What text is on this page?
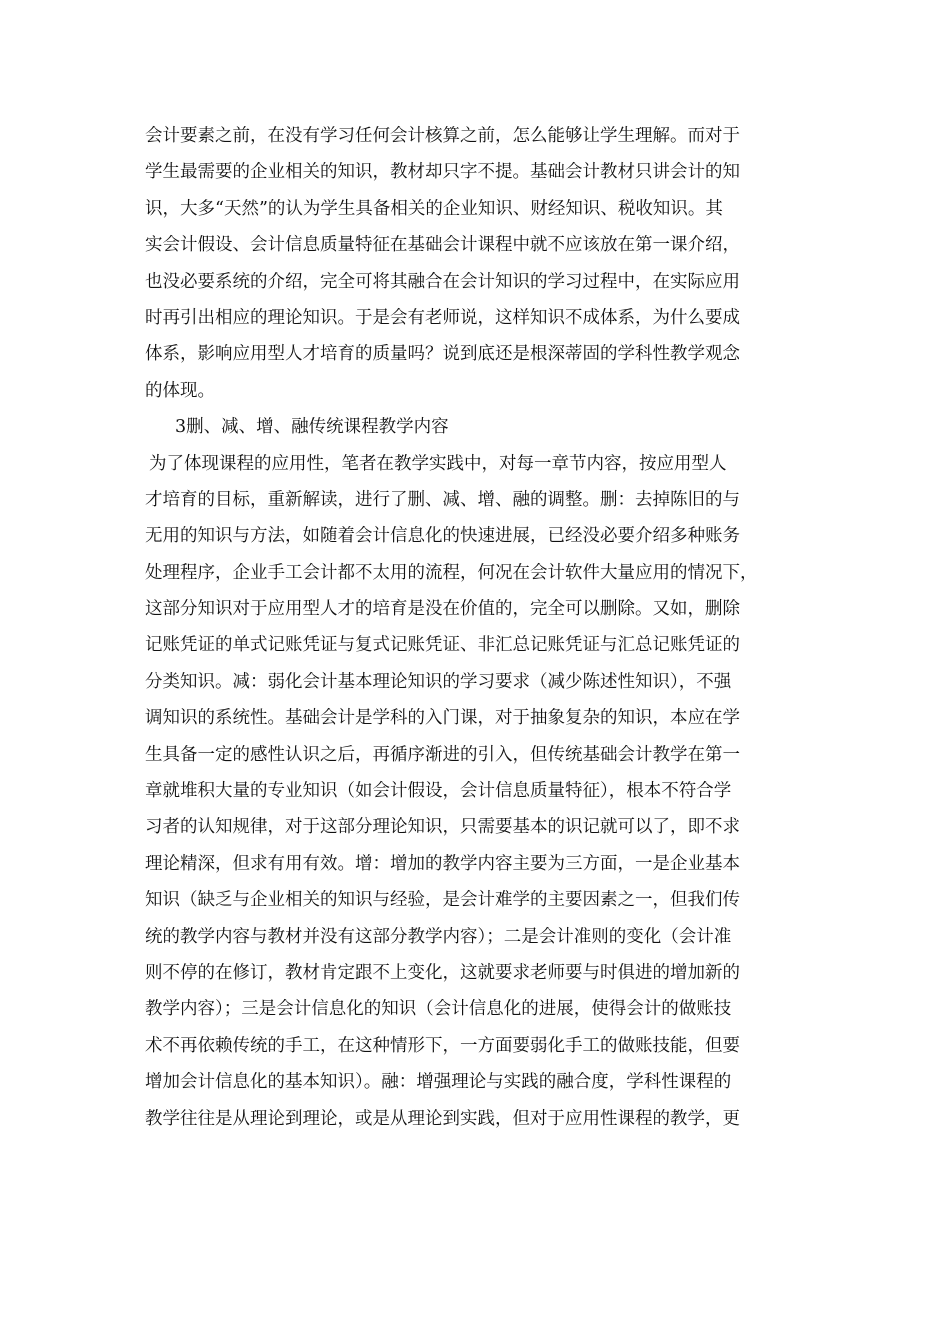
会计要素之前，在没有学习任何会计核算之前，怎么能够让学生理解。而对于
学生最需要的企业相关的知识，教材却只字不提。基础会计教材只讲会计的知
识，大多“天然”的认为学生具备相关的企业知识、财经知识、税收知识。其
实会计假设、会计信息质量特征在基础会计课程中就不应该放在第一课介绍，
也没必要系统的介绍，完全可将其融合在会计知识的学习过程中，在实际应用
时再引出相应的理论知识。于是会有老师说，这样知识不成体系，为什么要成
体系，影响应用型人才培育的质量吗？说到底还是根深蒂固的学科性教学观念
的体现。
3删、减、增、融传统课程教学内容
为了体现课程的应用性，笔者在教学实践中，对每一章节内容，按应用型人
才培育的目标，重新解读，进行了删、减、增、融的调整。删：去掉陈旧的与
无用的知识与方法，如随着会计信息化的快速进展，已经没必要介绍多种账务
处理程序，企业手工会计都不太用的流程，何况在会计软件大量应用的情况下，
这部分知识对于应用型人才的培育是没在价值的，完全可以删除。又如，删除
记账凭证的单式记账凭证与复式记账凭证、非汇总记账凭证与汇总记账凭证的
分类知识。减：弱化会计基本理论知识的学习要求（减少陈述性知识），不强
调知识的系统性。基础会计是学科的入门课，对于抽象复杂的知识，本应在学
生具备一定的感性认识之后，再循序渐进的引入，但传统基础会计教学在第一
章就堆积大量的专业知识（如会计假设，会计信息质量特征），根本不符合学
习者的认知规律，对于这部分理论知识，只需要基本的识记就可以了，即不求
理论精深，但求有用有效。增：增加的教学内容主要为三方面，一是企业基本
知识（缺乏与企业相关的知识与经验，是会计难学的主要因素之一，但我们传
统的教学内容与教材并没有这部分教学内容）；二是会计准则的变化（会计准
则不停的在修订，教材肯定跟不上变化，这就要求老师要与时俱进的增加新的
教学内容）；三是会计信息化的知识（会计信息化的进展，使得会计的做账技
术不再依赖传统的手工，在这种情形下，一方面要弱化手工的做账技能，但要
增加会计信息化的基本知识）。融：增强理论与实践的融合度，学科性课程的
教学往往是从理论到理论，或是从理论到实践，但对于应用性课程的教学，更
